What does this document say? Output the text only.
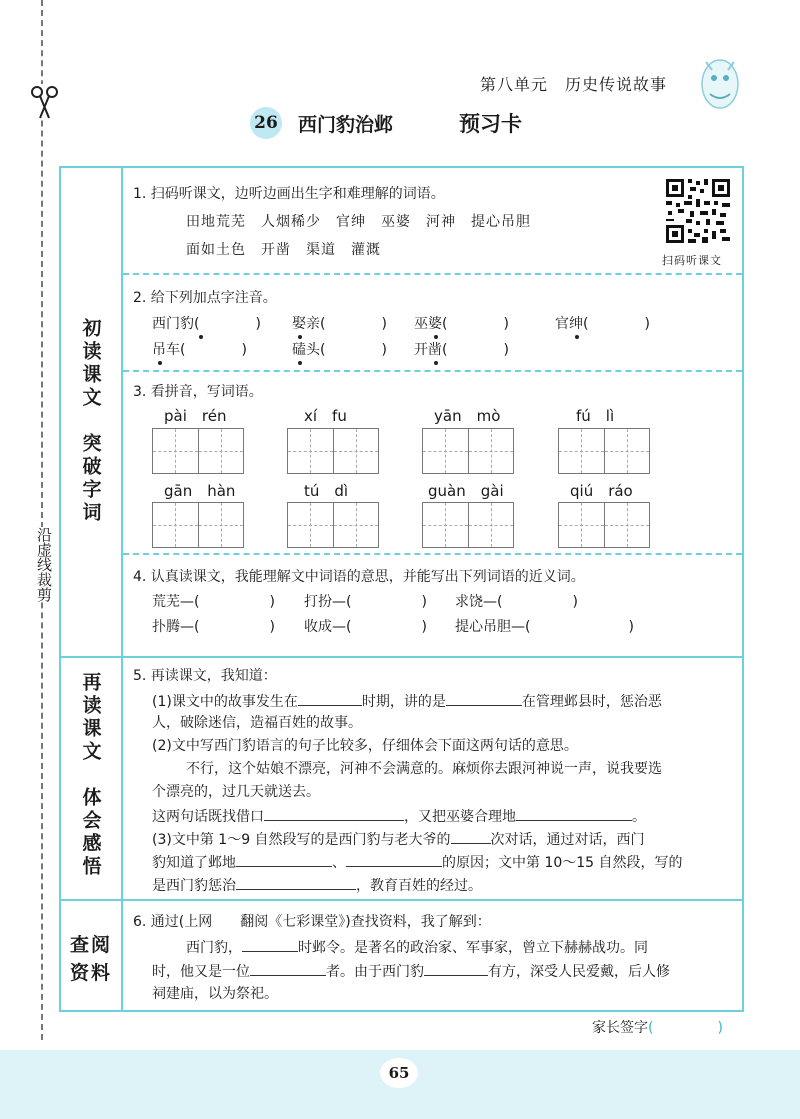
沿虚线裁剪
第八单元　历史传说故事
26 西门豹治邺	预习卡
初读课文　突破字词
再读课文　体会感悟
查阅资料
1. 扫码听课文，边听边画出生字和难理解的词语。
田地荒芜　人烟稀少　官绅　巫婆　河神　提心吊胆
面如土色　开凿　渠道　灌溉
扫码听课文
2. 给下列加点字注音。
西门豹(　　　　) 娶亲(　　　　) 巫婆(　　　　)	官绅(　　　　)
吊车(　　　　)	磕头(　　　　) 开凿(　　　　)
3. 看拼音，写词语。
pài　rén	xí　fu	yān　mò	fú　lì
gān　hàn	tú　dì	guàn　gài	qiú　ráo
4. 认真读课文，我能理解文中词语的意思，并能写出下列词语的近义词。
荒芜—(　　　　　) 打扮—(　　　　　) 求饶—(　　　　　)
扑腾—(　　　　　) 收成—(　　　　　) 提心吊胆—(　　　　　　　)
5. 再读课文，我知道：
(1)课文中的故事发生在	时期，讲的是	在管理邺县时，惩治恶
人，破除迷信，造福百姓的故事。
(2)文中写西门豹语言的句子比较多，仔细体会下面这两句话的意思。
不行，这个姑娘不漂亮，河神不会满意的。麻烦你去跟河神说一声，说我要选
个漂亮的，过几天就送去。
这两句话既找借口	，又把巫婆合理地	。
(3)文中第 1～9 自然段写的是西门豹与老大爷的	次对话，通过对话，西门
豹知道了邺地	、	的原因；文中第 10～15 自然段，写的
是西门豹惩治	，教育百姓的经过。
6. 通过(上网　　翻阅《七彩课堂》)查找资料，我了解到：
西门豹，	时邺令。是著名的政治家、军事家，曾立下赫赫战功。同
时，他又是一位	者。由于西门豹	有方，深受人民爱戴，后人修
祠建庙，以为祭祀。
家长签字(	)
65
